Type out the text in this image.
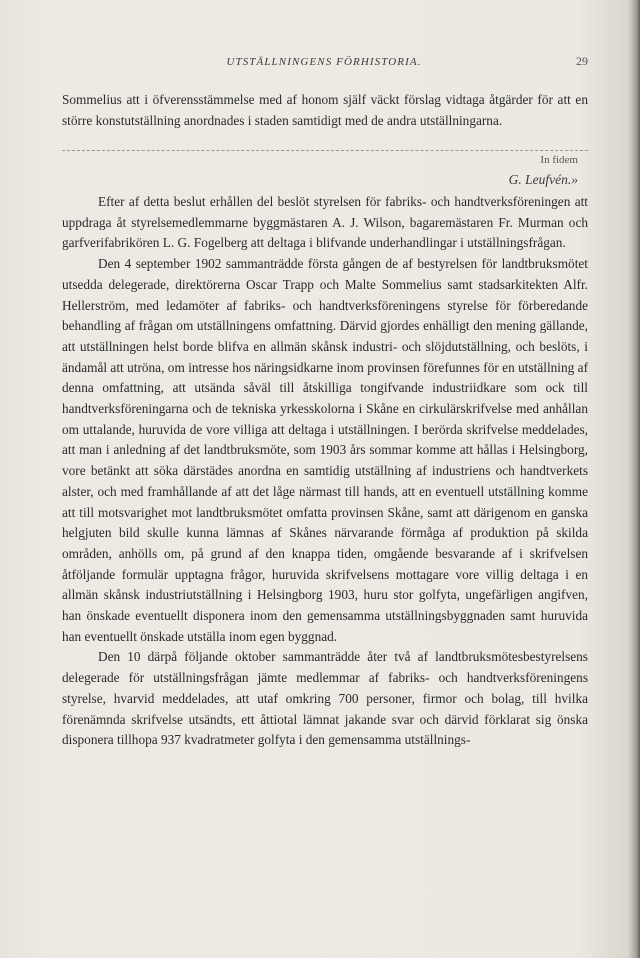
UTSTÄLLNINGENS FÖRHISTORIA.	29

Sommelius att i öfverensstämmelse med af honom själf väckt förslag vidtaga åtgärder för att en större konstutställning anordnades i staden samtidigt med de andra utställningarna.

In fidem
G. Leufvén.»

Efter af detta beslut erhållen del beslöt styrelsen för fabriks- och handtverksföreningen att uppdraga åt styrelsemedlemmarne byggmästaren A. J. Wilson, bagaremästaren Fr. Murman och garfverifabrikören L. G. Fogelberg att deltaga i blifvande underhandlingar i utställningsfrågan.

Den 4 september 1902 sammanträdde första gången de af bestyrelsen för landtbruksmötet utsedda delegerade, direktörerna Oscar Trapp och Malte Sommelius samt stadsarkitekten Alfr. Hellerström, med ledamöter af fabriks- och handtverksföreningens styrelse för förberedande behandling af frågan om utställningens omfattning. Därvid gjordes enhälligt den mening gällande, att utställningen helst borde blifva en allmän skånsk industri- och slöjdutställning, och beslöts, i ändamål att utröna, om intresse hos näringsidkarne inom provinsen förefunnes för en utställning af denna omfattning, att utsända såväl till åtskilliga tongifvande industriidkare som ock till handtverksföreningarna och de tekniska yrkesskolorna i Skåne en cirkulärskrifvelse med anhållan om uttalande, huruvida de vore villiga att deltaga i utställningen. I berörda skrifvelse meddelades, att man i anledning af det landtbruksmöte, som 1903 års sommar komme att hållas i Helsingborg, vore betänkt att söka därstädes anordna en samtidig utställning af industriens och handtverkets alster, och med framhållande af att det låge närmast till hands, att en eventuell utställning komme att till motsvarighet mot landtbruksmötet omfatta provinsen Skåne, samt att därigenom en ganska helgjuten bild skulle kunna lämnas af Skånes närvarande förmåga af produktion på skilda områden, anhölls om, på grund af den knappa tiden, omgående besvarande af i skrifvelsen åtföljande formulär upptagna frågor, huruvida skrifvelsens mottagare vore villig deltaga i en allmän skånsk industriutställning i Helsingborg 1903, huru stor golfyta, ungefärligen angifven, han önskade eventuellt disponera inom den gemensamma utställningsbyggnaden samt huruvida han eventuellt önskade utställa inom egen byggnad.

Den 10 därpå följande oktober sammanträdde åter två af landtbruksmötesbestyrelsens delegerade för utställningsfrågan jämte medlemmar af fabriks- och handtverksföreningens styrelse, hvarvid meddelades, att utaf omkring 700 personer, firmor och bolag, till hvilka förenämnda skrifvelse utsändts, ett åttiotal lämnat jakande svar och därvid förklarat sig önska disponera tillhopa 937 kvadratmeter golfyta i den gemensamma utställnings-
